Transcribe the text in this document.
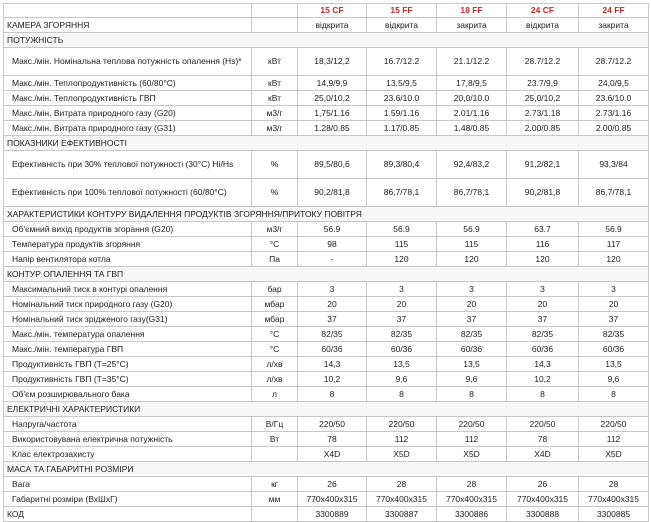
		15 CF	15 FF	18 FF	24 CF	24 FF
КАМЕРА ЗГОРЯННЯ		відкрита	відкрита	закрита	відкрита	закрита
ПОТУЖНІСТЬ						
Макс./мін. Номінальна теплова потужність опалення (Hs)*	кВт	18,3/12,2	16.7/12.2	21.1/12.2	28.7/12.2	28.7/12.2
Макс./мін. Теплопродуктивність (60/80°C)	кВт	14,9/9,9	13,5/9,5	17,8/9,5	23.7/9,9	24,0/9,5
Макс./мін. Теплопродуктивність ГВП	кВт	25,0/10,2	23.6/10.0	20,0/10.0	25,0/10,2	23.6/10.0
Макс./мін. Витрата природного газу (G20)	м3/г	1,75/1.16	1.59/1.16	2.01/1.16	2.73/1.18	2.73/1.16
Макс./мін. Витрата природного газу (G31)	м3/г	1.28/0.85	1.17/0.85	1.48/0.85	2.00/0.85	2.00/0.85
ПОКАЗНИКИ ЕФЕКТИВНОСТІ						
Ефективність при 30% теплової потужності (30°C) Hi/Hs	%	89,5/80,6	89,3/80,4	92,4/83,2	91,2/82,1	93,3/84
Ефективність при 100% теплової потужності (60/80°C)	%	90,2/81,8	86,7/78,1	86,7/78,1	90,2/81,8	86,7/78,1
ХАРАКТЕРИСТИКИ КОНТУРУ ВИДАЛЕННЯ ПРОДУКТІВ ЗГОРЯННЯ/ПРИТОКУ ПОВІТРЯ						
Об'ємний вихід продуктів згорання (G20)	м3/г	56.9	56.9	56.9	63.7	56.9
Температура продуктів згоряння	°C	98	115	115	116	117
Напір вентилятора котла	Па	-	120	120	120	120
КОНТУР ОПАЛЕННЯ ТА ГВП						
Максимальний тиск в контурі опалення	бар	3	3	3	3	3
Номінальний тиск природного газу (G20)	мбар	20	20	20	20	20
Номінальний тиск зрідженого газу(G31)	мбар	37	37	37	37	37
Макс./мін. температура опалення	°C	82/35	82/35	82/35	82/35	82/35
Макс./мін. температура ГВП	°C	60/36	60/36	60/36	60/36	60/36
Продуктивність ГВП (T=25°C)	л/хв	14,3	13,5	13,5	14,3	13,5
Продуктивність ГВП (T=35°C)	л/хв	10,2	9,6	9,6	10,2	9,6
Об'єм розширювального бака	л	8	8	8	8	8
ЕЛЕКТРИЧНІ ХАРАКТЕРИСТИКИ						
Напруга/частота	В/Гц	220/50	220/50	220/50	220/50	220/50
Використовувана електрична потужність	Вт	78	112	112	78	112
Клас електрозахисту		X4D	X5D	X5D	X4D	X5D
МАСА ТА ГАБАРИТНІ РОЗМІРИ						
Вага	кг	26	28	28	26	28
Габаритні розміри (ВхШхГ)	мм	770x400x315	770x400x315	770x400x315	770x400x315	770x400x315
КОД		3300889	3300887	3300886	3300888	3300885
